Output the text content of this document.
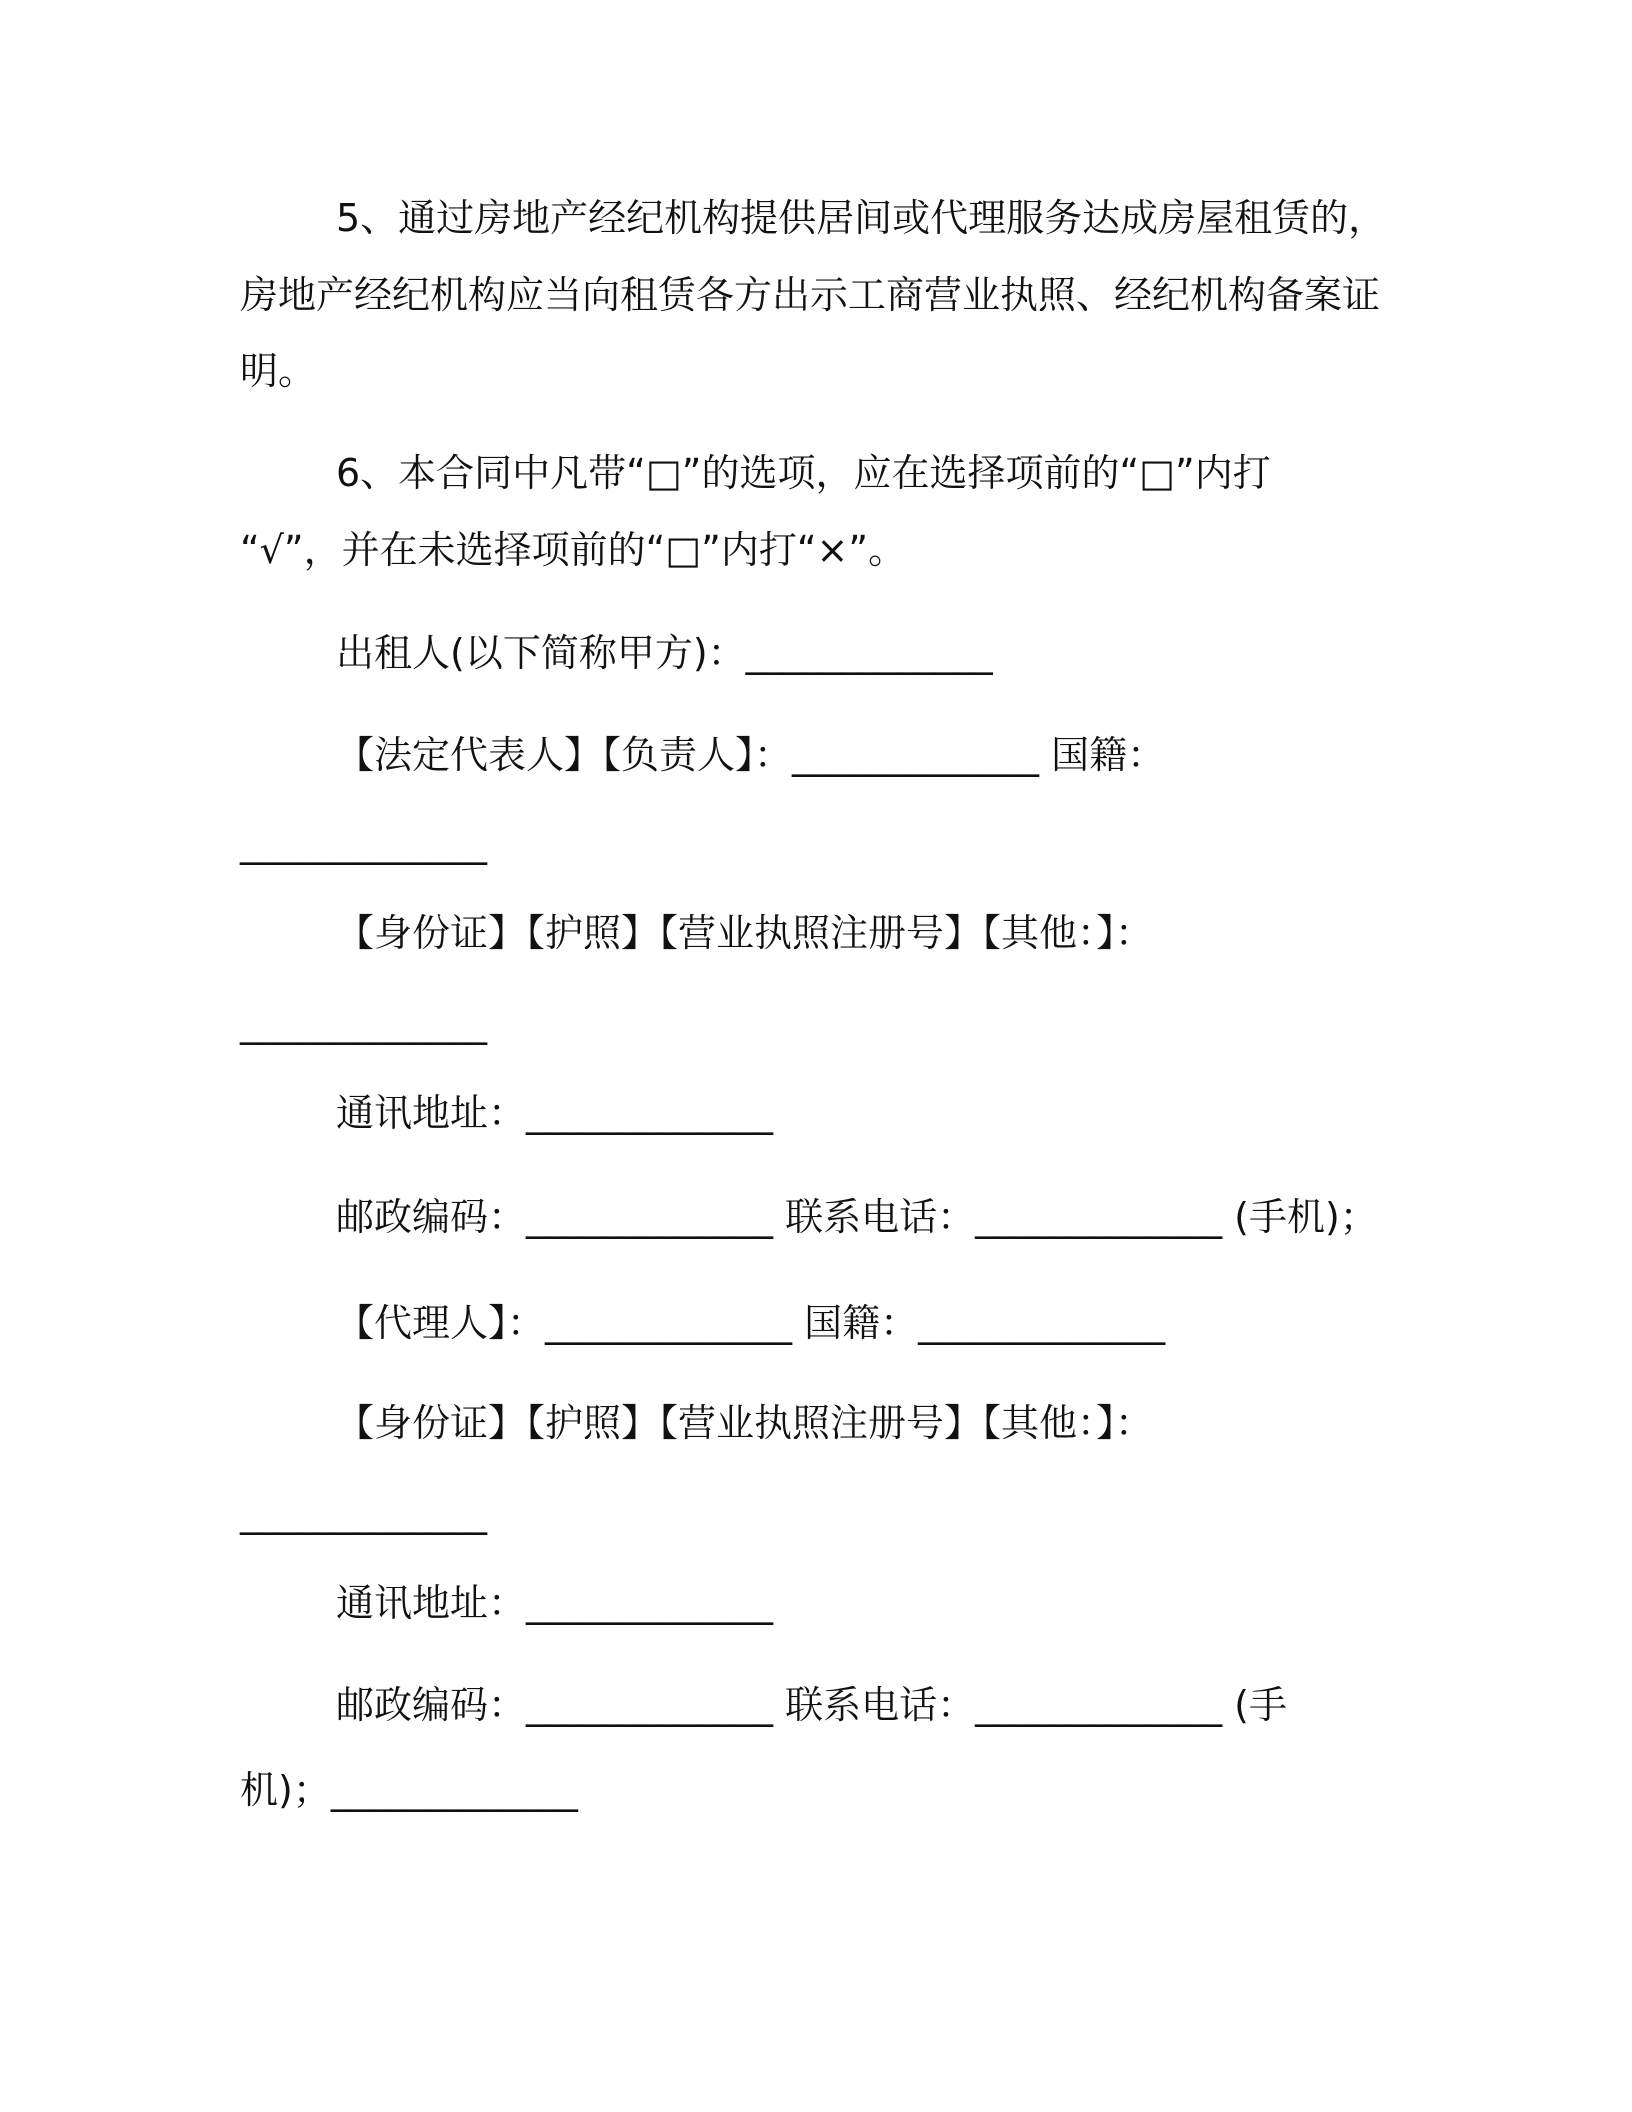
5、通过房地产经纪机构提供居间或代理服务达成房屋租赁的，
房地产经纪机构应当向租赁各方出示工商营业执照、经纪机构备案证
明。
6、本合同中凡带“□”的选项，应在选择项前的“□”内打
“√”，并在未选择项前的“□”内打“×”。
出租人(以下简称甲方)：_____________
【法定代表人】【负责人】：_____________ 国籍：
_____________
【身份证】【护照】【营业执照注册号】【其他：】：
_____________
通讯地址：_____________
邮政编码：_____________ 联系电话：_____________ (手机)；
【代理人】：_____________ 国籍：_____________
【身份证】【护照】【营业执照注册号】【其他：】：
_____________
通讯地址：_____________
邮政编码：_____________ 联系电话：_____________ (手
机)；_____________
